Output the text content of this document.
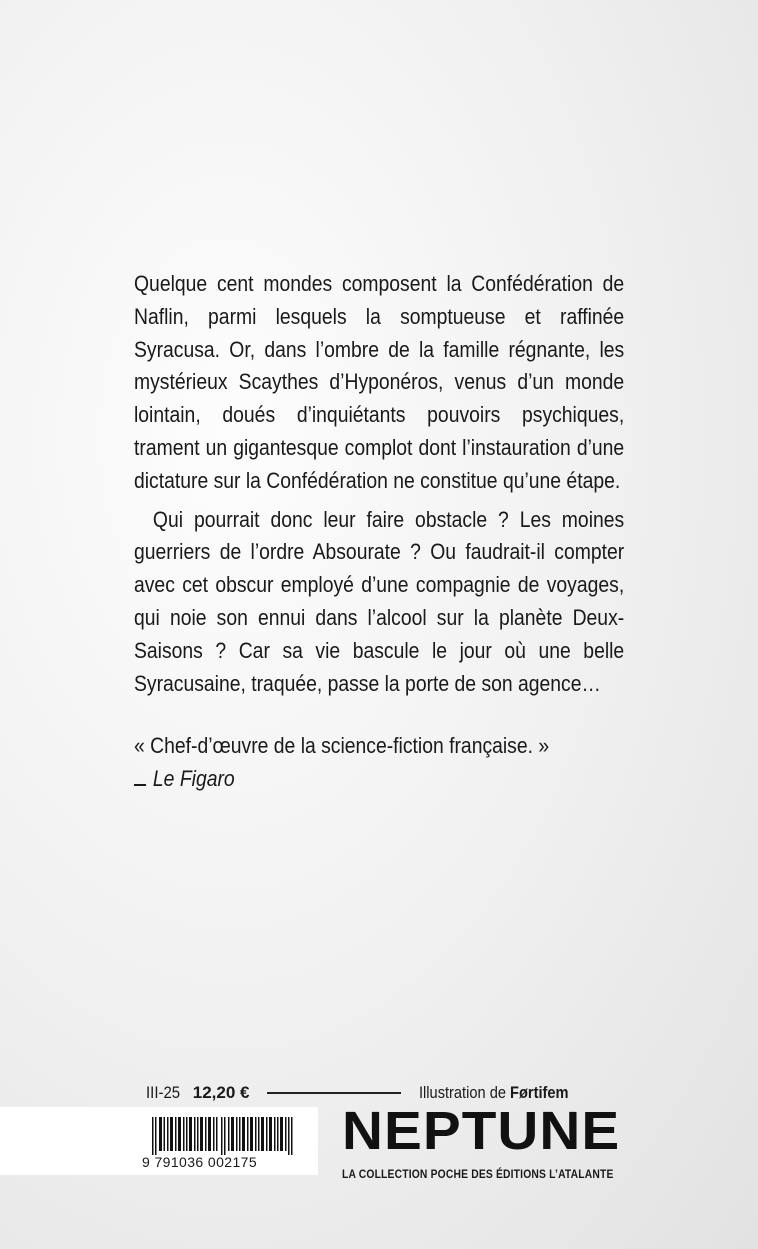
Quelque cent mondes composent la Confédération de Naflin, parmi lesquels la somptueuse et raffinée Syracusa. Or, dans l’ombre de la famille régnante, les mystérieux Scaythes d’Hyponéros, venus d’un monde lointain, doués d’inquiétants pouvoirs psychiques, trament un gigantesque complot dont l’instauration d’une dictature sur la Confédération ne constitue qu’une étape.

Qui pourrait donc leur faire obstacle ? Les moines guerriers de l’ordre Absourate ? Ou faudrait-il compter avec cet obscur employé d’une compagnie de voyages, qui noie son ennui dans l’alcool sur la planète Deux-Saisons ? Car sa vie bascule le jour où une belle Syracusaine, traquée, passe la porte de son agence…

« Chef-d’œuvre de la science-fiction française. »
Le Figaro
III-25 12,20 €	Illustration de Førtifem
9 791036 002175
NEPTUNE
LA COLLECTION POCHE DES ÉDITIONS L’ATALANTE
